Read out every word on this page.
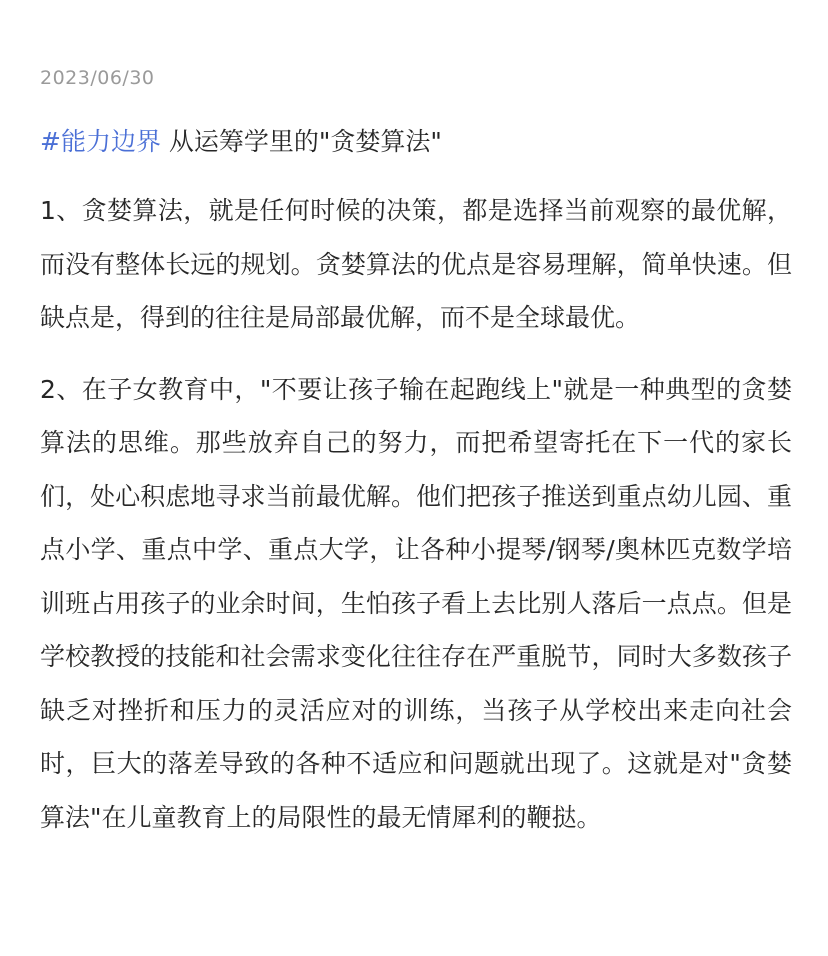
2023/06/30
#能力边界 从运筹学里的"贪婪算法"

1、贪婪算法，就是任何时候的决策，都是选择当前观察的最优解，而没有整体长远的规划。贪婪算法的优点是容易理解，简单快速。但缺点是，得到的往往是局部最优解，而不是全球最优。

2、在子女教育中，"不要让孩子输在起跑线上"就是一种典型的贪婪算法的思维。那些放弃自己的努力，而把希望寄托在下一代的家长们，处心积虑地寻求当前最优解。他们把孩子推送到重点幼儿园、重点小学、重点中学、重点大学，让各种小提琴/钢琴/奥林匹克数学培训班占用孩子的业余时间，生怕孩子看上去比别人落后一点点。但是学校教授的技能和社会需求变化往往存在严重脱节，同时大多数孩子缺乏对挫折和压力的灵活应对的训练，当孩子从学校出来走向社会时，巨大的落差导致的各种不适应和问题就出现了。这就是对"贪婪算法"在儿童教育上的局限性的最无情犀利的鞭挞。
